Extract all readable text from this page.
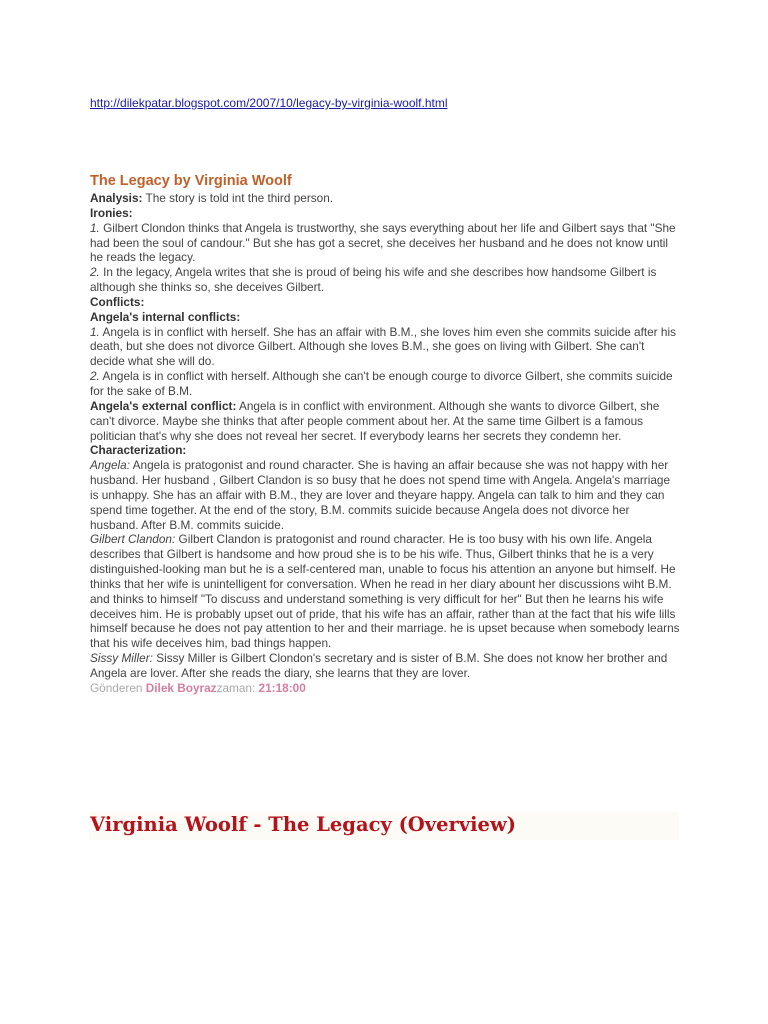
http://dilekpatar.blogspot.com/2007/10/legacy-by-virginia-woolf.html
The Legacy by Virginia Woolf

Analysis: The story is told int the third person.

Ironies:

1. Gilbert Clondon thinks that Angela is trustworthy, she says everything about her life and Gilbert says that "She had been the soul of candour." But she has got a secret, she deceives her husband and he does not know until he reads the legacy.

2. In the legacy, Angela writes that she is proud of being his wife and she describes how handsome Gilbert is although she thinks so, she deceives Gilbert.

Conflicts:

Angela's internal conflicts:

1. Angela is in conflict with herself. She has an affair with B.M., she loves him even she commits suicide after his death, but she does not divorce Gilbert. Although she loves B.M., she goes on living with Gilbert. She can't decide what she will do.

2. Angela is in conflict with herself. Although she can't be enough courge to divorce Gilbert, she commits suicide for the sake of B.M.

Angela's external conflict: Angela is in conflict with environment. Although she wants to divorce Gilbert, she can't divorce. Maybe she thinks that after people comment about her. At the same time Gilbert is a famous politician that's why she does not reveal her secret. If everybody learns her secrets they condemn her.

Characterization:

Angela: Angela is pratogonist and round character. She is having an affair because she was not happy with her husband. Her husband , Gilbert Clandon is so busy that he does not spend time with Angela. Angela's marriage is unhappy. She has an affair with B.M., they are lover and theyare happy. Angela can talk to him and they can spend time together. At the end of the story, B.M. commits suicide because Angela does not divorce her husband. After B.M. commits suicide.

Gilbert Clandon: Gilbert Clandon is pratogonist and round character. He is too busy with his own life. Angela describes that Gilbert is handsome and how proud she is to be his wife. Thus, Gilbert thinks that he is a very distinguished-looking man but he is a self-centered man, unable to focus his attention an anyone but himself. He thinks that her wife is unintelligent for conversation. When he read in her diary abount her discussions wiht B.M. and thinks to himself "To discuss and understand something is very difficult for her" But then he learns his wife deceives him. He is probably upset out of pride, that his wife has an affair, rather than at the fact that his wife lills himself because he does not pay attention to her and their marriage. he is upset because when somebody learns that his wife deceives him, bad things happen.

Sissy Miller: Sissy Miller is Gilbert Clondon's secretary and is sister of B.M. She does not know her brother and Angela are lover. After she reads the diary, she learns that they are lover.

Gönderen Dilek Boyrazzaman: 21:18:00

Virginia Woolf - The Legacy (Overview)
